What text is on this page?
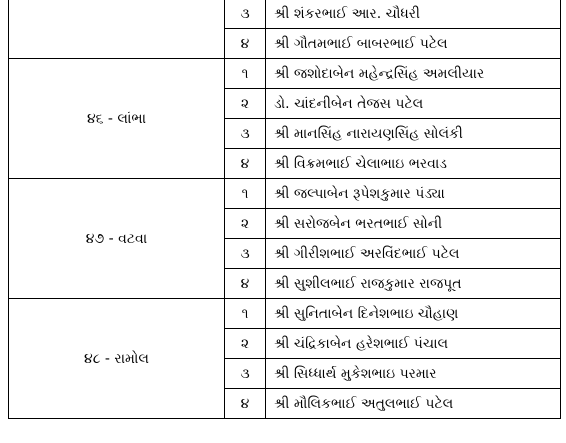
	૩	શ્રી શંકરભાઈ આર. ચૌધરી
	૪	શ્રી ગૌતમભાઈ બાબરભાઈ પટેલ
૪૬ - લાંભા	૧	શ્રી જશોદાબેન મહેન્દ્રસિંહ અમલીયાર
	૨	ડો. ચાંદનીબેન તેજસ પટેલ
	૩	શ્રી માનસિંહ નારાયણસિંહ સોલંકી
	૪	શ્રી વિક્રમભાઈ ચેલાભાઇ ભરવાડ
૪૭ - વટવા	૧	શ્રી જલ્પાબેન રૂપેશકુમાર પંડ્યા
	૨	શ્રી સરોજબેન ભરતભાઈ સોની
	૩	શ્રી ગીરીશભાઈ અરવિંદભાઈ પટેલ
	૪	શ્રી સુશીલભાઈ રાજકુમાર રાજપૂત
૪૮ - રામોલ	૧	શ્રી સુનિતાબેન દિનેશભાઇ ચૌહાણ
	૨	શ્રી ચંદ્રિકાબેન હરેશભાઈ પંચાલ
	૩	શ્રી સિધ્ધાર્થ મુકેશભાઇ પરમાર
	૪	શ્રી મૌલિકભાઈ અતુલભાઈ પટેલ
